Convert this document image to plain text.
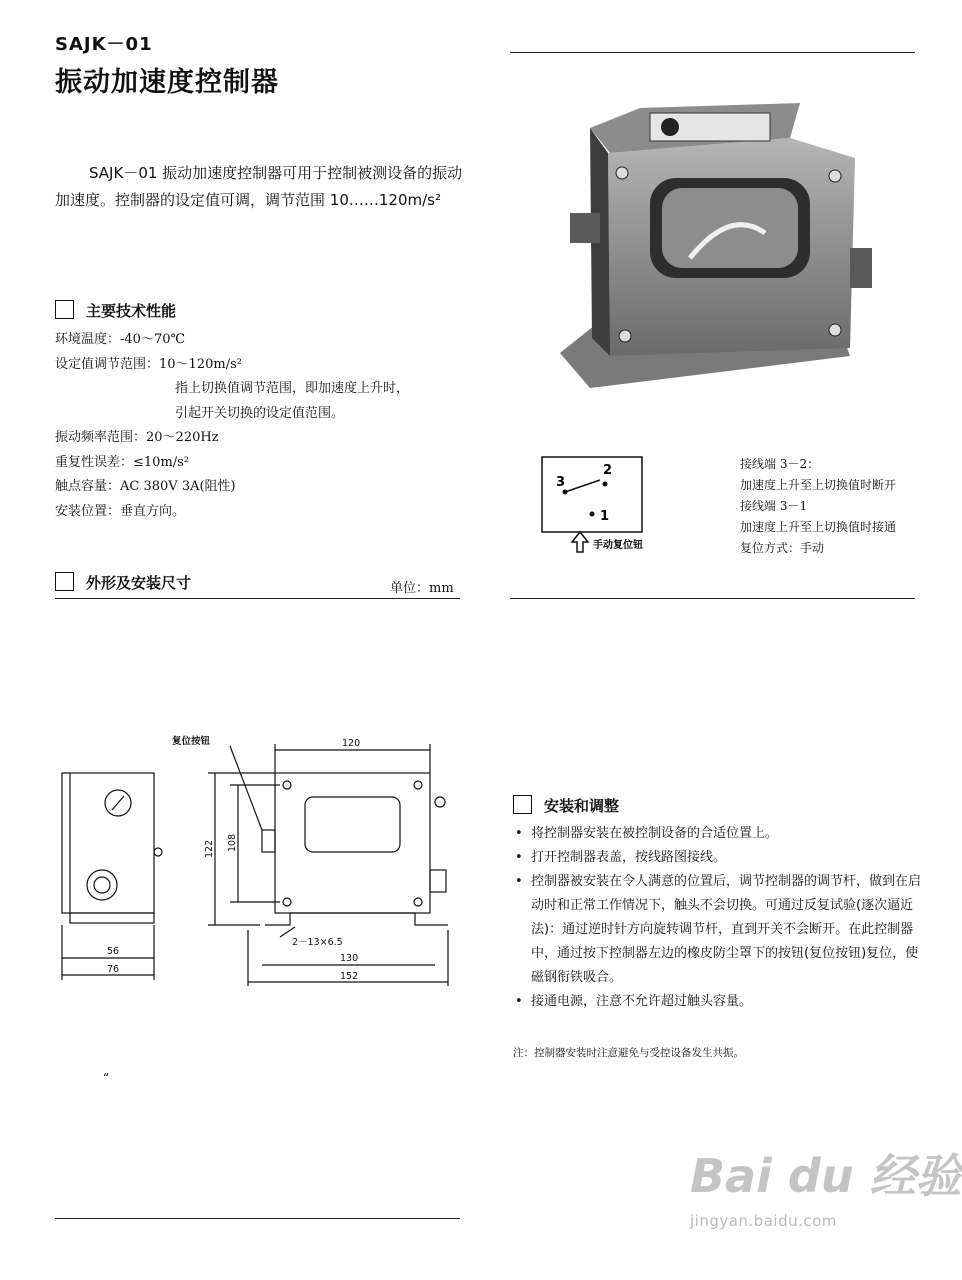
SAJK－01
振动加速度控制器

SAJK－01 振动加速度控制器可用于控制被测设备的振动加速度。控制器的设定值可调，调节范围 10……120m/s²

主要技术性能
环境温度：-40～70℃
设定值调节范围：10～120m/s²
指上切换值调节范围，即加速度上升时，
引起开关切换的设定值范围。
振动频率范围：20～220Hz
重复性误差：≤10m/s²
触点容量：AC 380V 3A(阻性)
安装位置：垂直方向。
外形及安装尺寸	单位：mm
3
2
1
手动复位钮
接线端 3－2：
加速度上升至上切换值时断开
接线端 3－1
加速度上升至上切换值时接通
复位方式：手动
复位按钮	120
122 108
2－13×6.5
56
76
130
152
安装和调整
• 将控制器安装在被控制设备的合适位置上。
• 打开控制器表盖，按线路图接线。
• 控制器被安装在令人满意的位置后，调节控制器的调节杆，做到在启动时和正常工作情况下，触头不会切换。可通过反复试验(逐次逼近法)：通过逆时针方向旋转调节杆，直到开关不会断开。在此控制器中，通过按下控制器左边的橡皮防尘罩下的按钮(复位按钮)复位，使磁钢衔铁吸合。
• 接通电源，注意不允许超过触头容量。
注：控制器安装时注意避免与受控设备发生共振。
“
Bai du 经验
jingyan.baidu.com
